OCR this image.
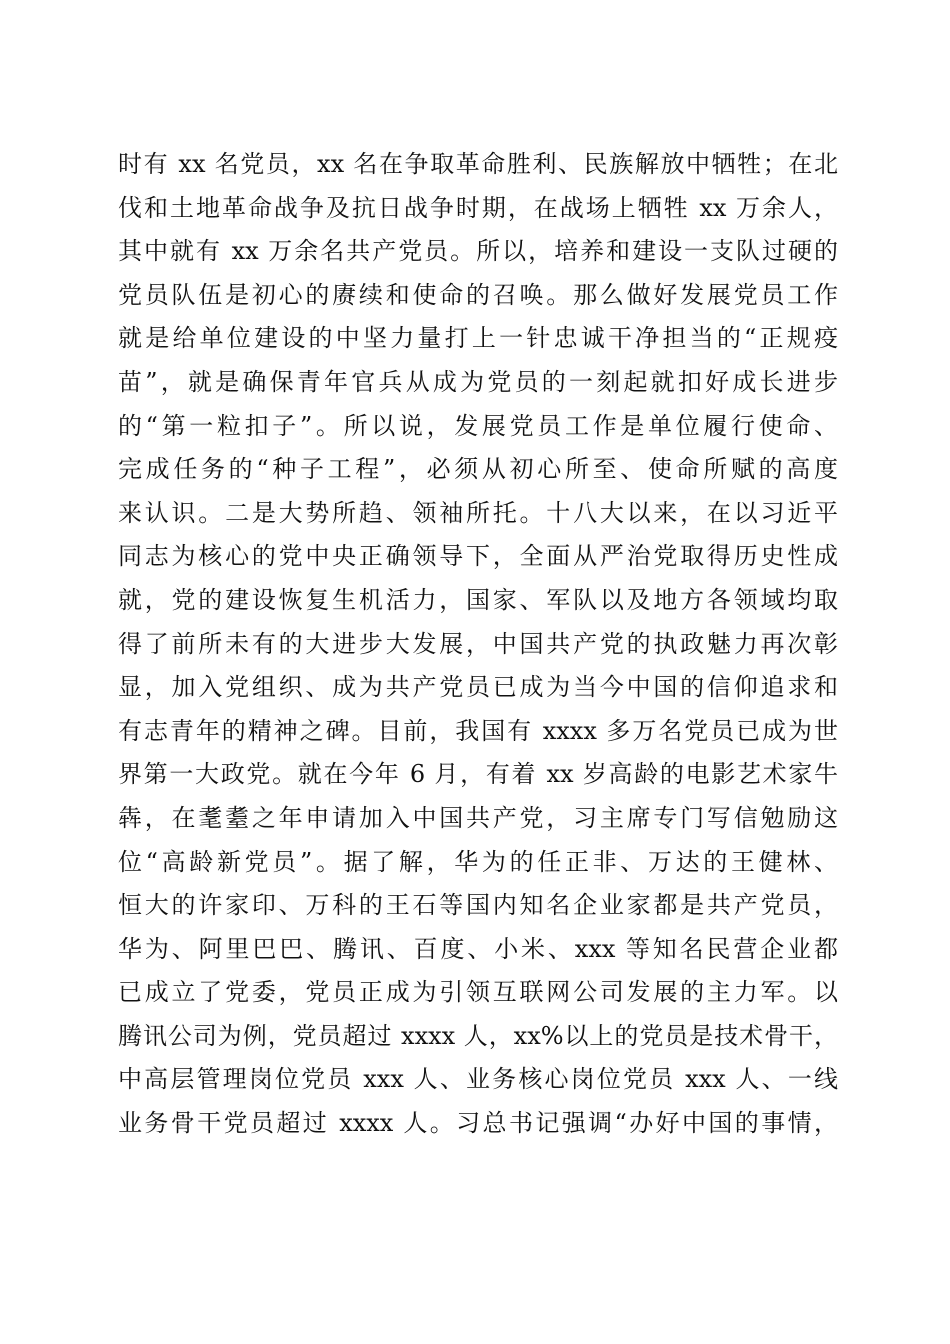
时有 xx 名党员，xx 名在争取革命胜利、民族解放中牺牲；在北
伐和土地革命战争及抗日战争时期，在战场上牺牲 xx 万余人，
其中就有 xx 万余名共产党员。所以，培养和建设一支队过硬的
党员队伍是初心的赓续和使命的召唤。那么做好发展党员工作
就是给单位建设的中坚力量打上一针忠诚干净担当的“正规疫
苗”，就是确保青年官兵从成为党员的一刻起就扣好成长进步
的“第一粒扣子”。所以说，发展党员工作是单位履行使命、
完成任务的“种子工程”，必须从初心所至、使命所赋的高度
来认识。二是大势所趋、领袖所托。十八大以来，在以习近平
同志为核心的党中央正确领导下，全面从严治党取得历史性成
就，党的建设恢复生机活力，国家、军队以及地方各领域均取
得了前所未有的大进步大发展，中国共产党的执政魅力再次彰
显，加入党组织、成为共产党员已成为当今中国的信仰追求和
有志青年的精神之碑。目前，我国有 xxxx 多万名党员已成为世
界第一大政党。就在今年 6 月，有着 xx 岁高龄的电影艺术家牛
犇，在耄耋之年申请加入中国共产党，习主席专门写信勉励这
位“高龄新党员”。据了解，华为的任正非、万达的王健林、
恒大的许家印、万科的王石等国内知名企业家都是共产党员，
华为、阿里巴巴、腾讯、百度、小米、xxx 等知名民营企业都
已成立了党委，党员正成为引领互联网公司发展的主力军。以
腾讯公司为例，党员超过 xxxx 人，xx%以上的党员是技术骨干，
中高层管理岗位党员 xxx 人、业务核心岗位党员 xxx 人、一线
业务骨干党员超过 xxxx 人。习总书记强调“办好中国的事情，
